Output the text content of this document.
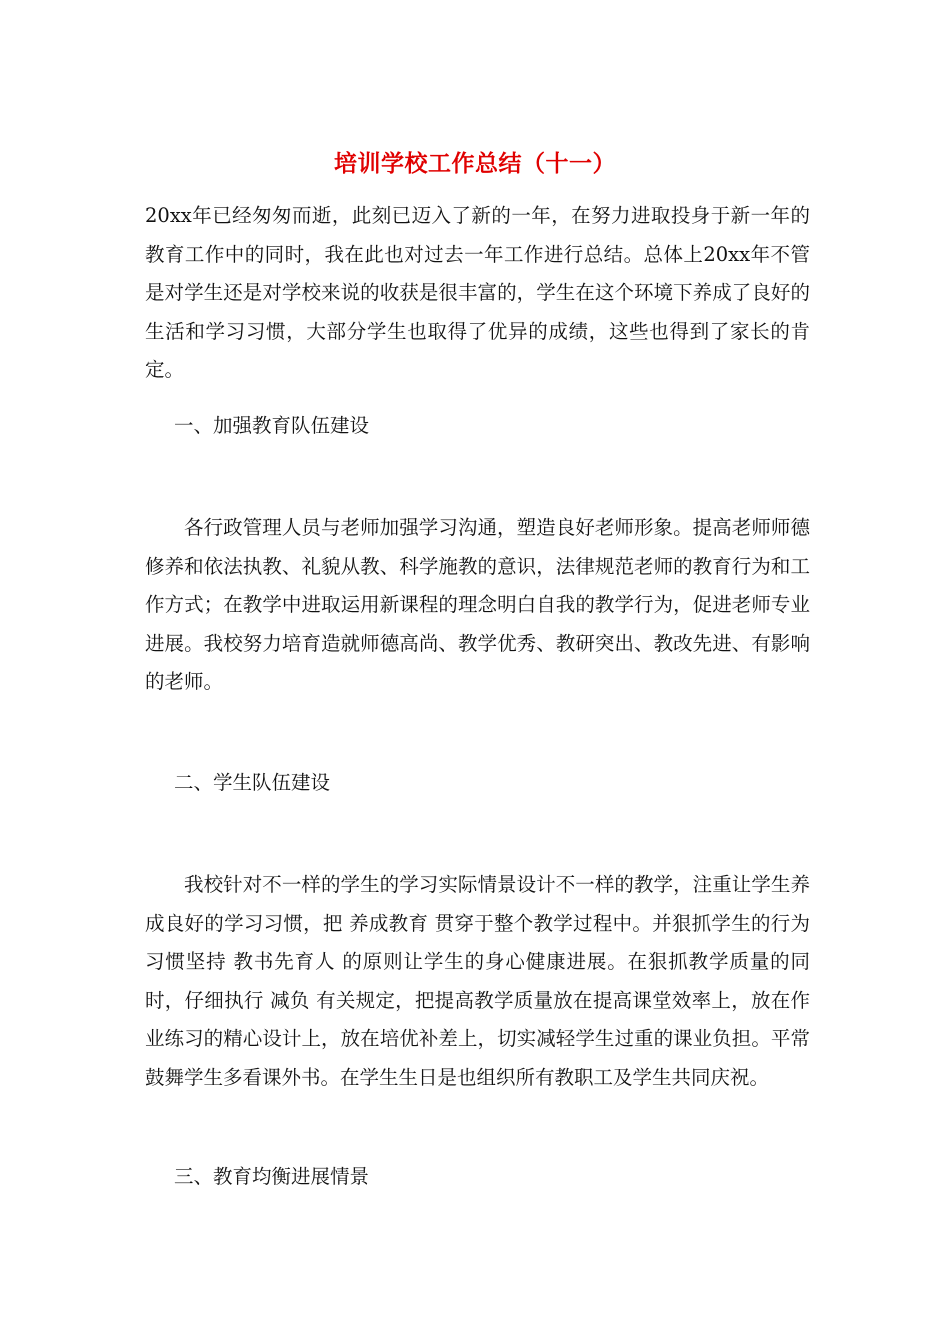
培训学校工作总结（十一）

20xx年已经匆匆而逝，此刻已迈入了新的一年，在努力进取投身于新一年的教育工作中的同时，我在此也对过去一年工作进行总结。总体上20xx年不管是对学生还是对学校来说的收获是很丰富的，学生在这个环境下养成了良好的生活和学习习惯，大部分学生也取得了优异的成绩，这些也得到了家长的肯定。

一、加强教育队伍建设

各行政管理人员与老师加强学习沟通，塑造良好老师形象。提高老师师德修养和依法执教、礼貌从教、科学施教的意识，法律规范老师的教育行为和工作方式；在教学中进取运用新课程的理念明白自我的教学行为，促进老师专业进展。我校努力培育造就师德高尚、教学优秀、教研突出、教改先进、有影响的老师。

二、学生队伍建设

我校针对不一样的学生的学习实际情景设计不一样的教学，注重让学生养成良好的学习习惯，把 养成教育 贯穿于整个教学过程中。并狠抓学生的行为习惯坚持 教书先育人 的原则让学生的身心健康进展。在狠抓教学质量的同时，仔细执行 减负 有关规定，把提高教学质量放在提高课堂效率上，放在作业练习的精心设计上，放在培优补差上，切实减轻学生过重的课业负担。平常鼓舞学生多看课外书。在学生生日是也组织所有教职工及学生共同庆祝。

三、教育均衡进展情景
